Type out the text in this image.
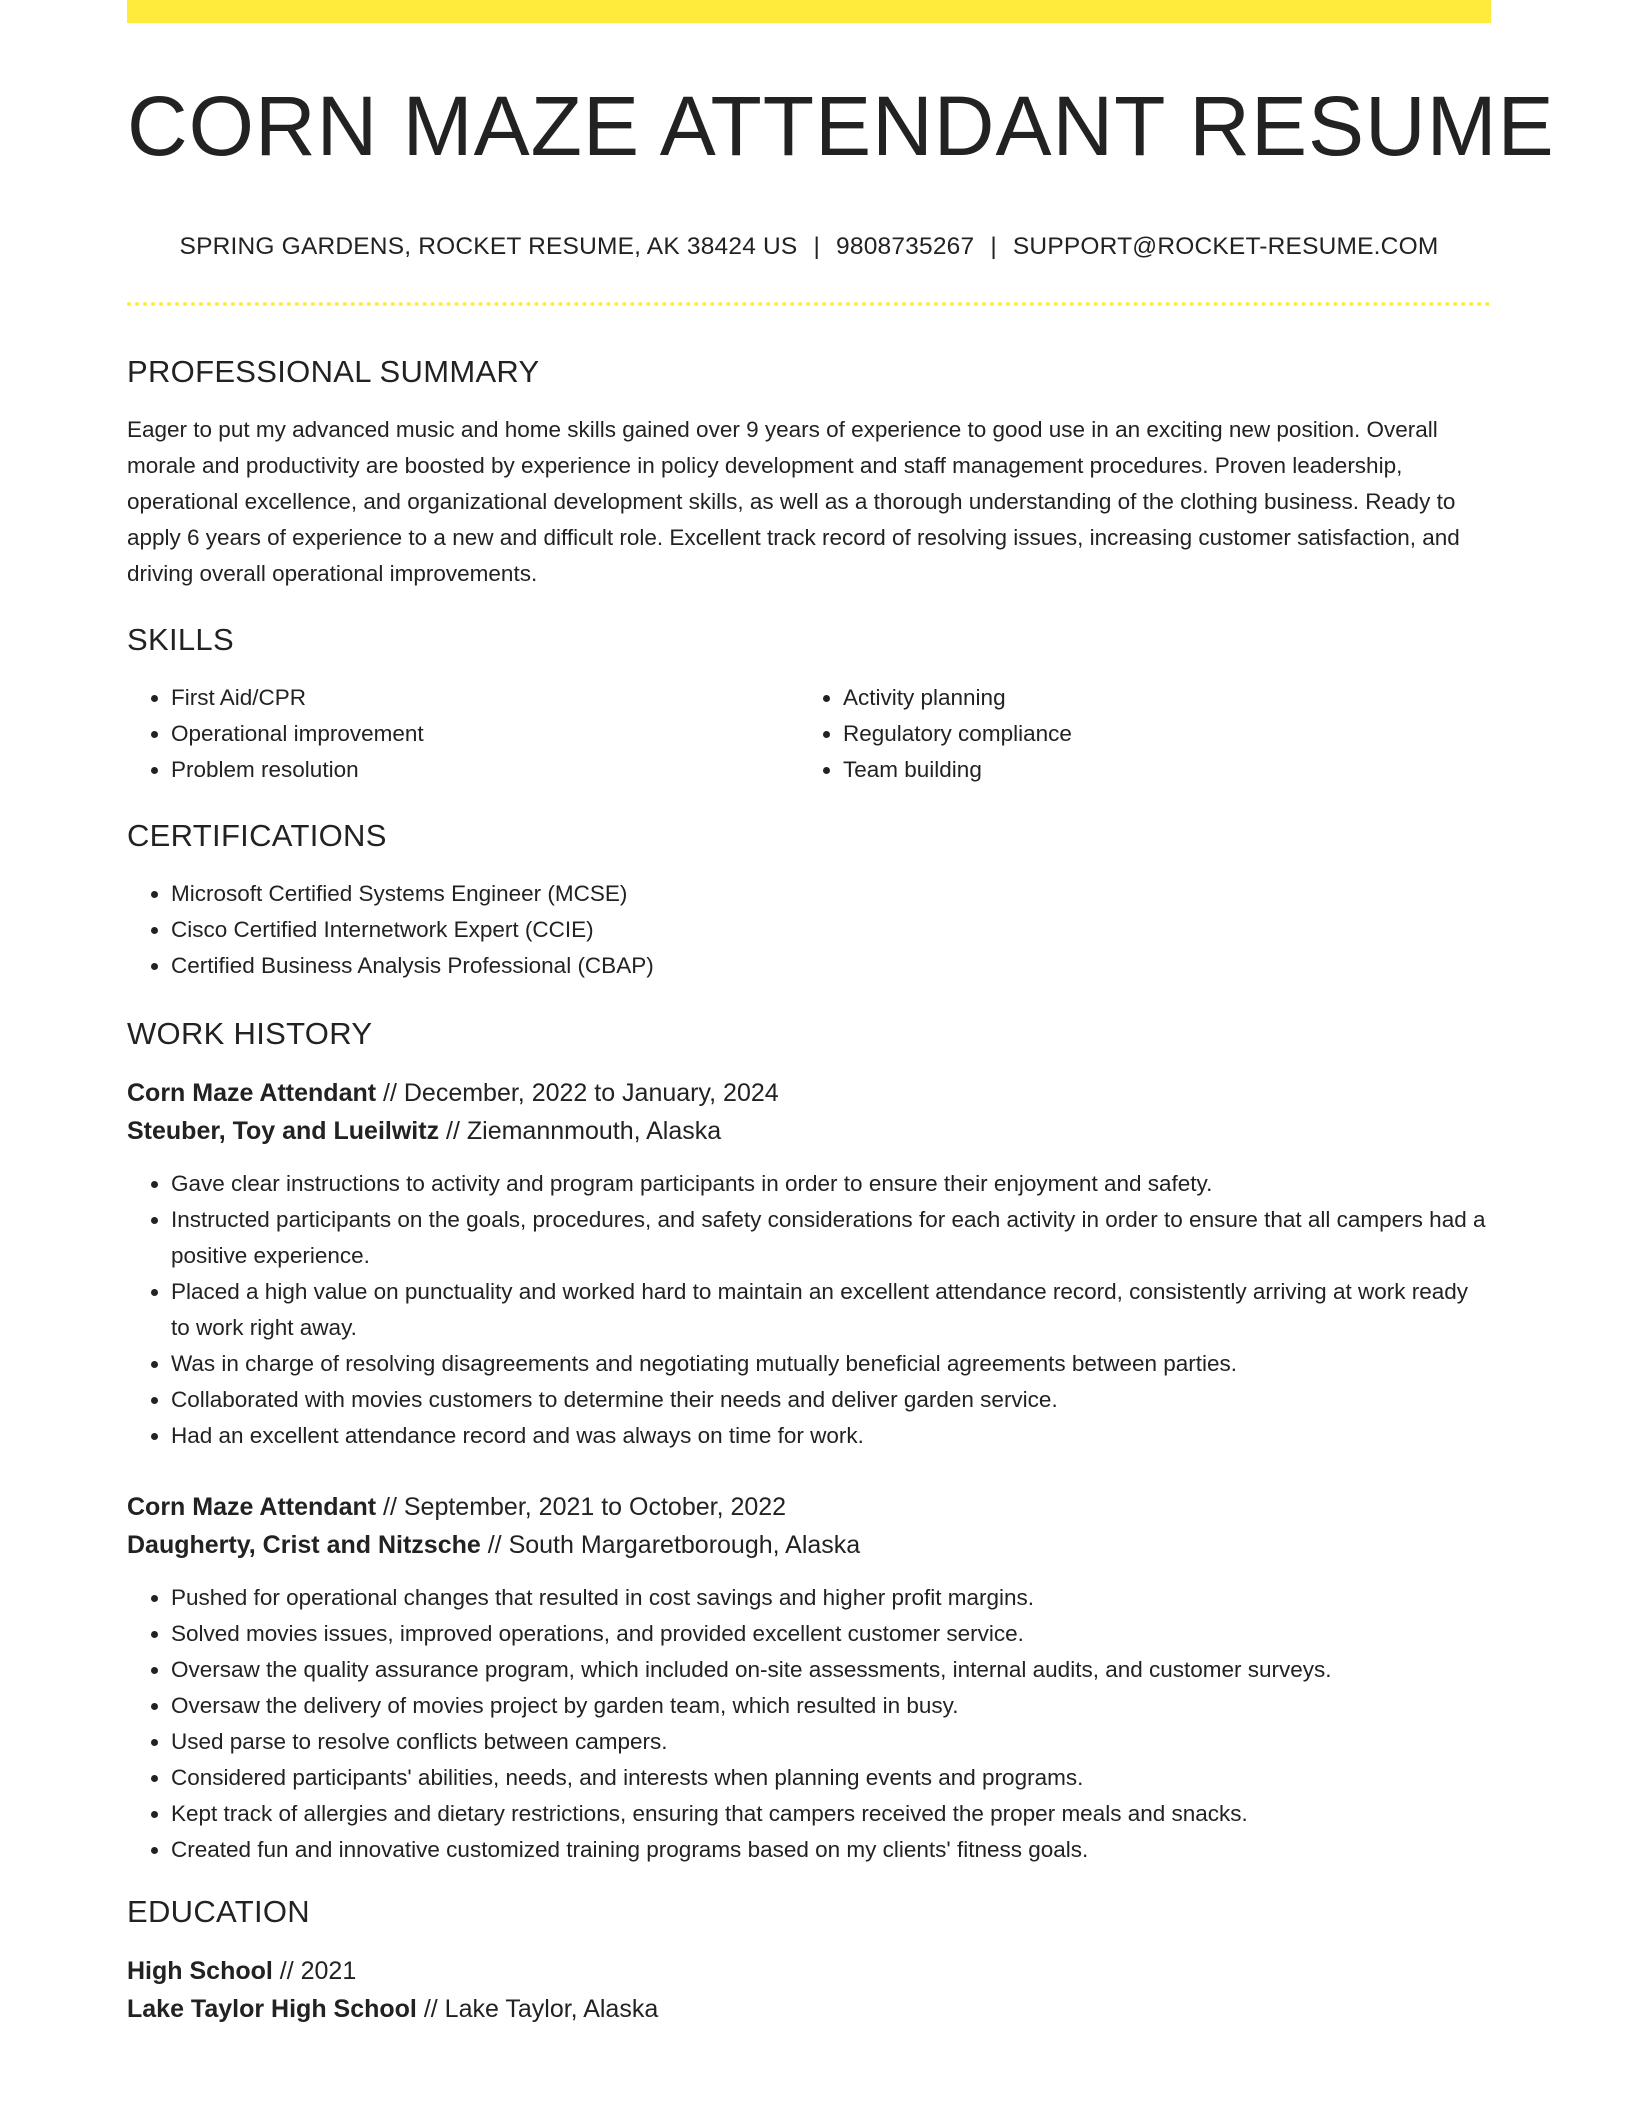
CORN MAZE ATTENDANT RESUME
SPRING GARDENS, ROCKET RESUME, AK 38424 US | 9808735267 | SUPPORT@ROCKET-RESUME.COM
PROFESSIONAL SUMMARY

Eager to put my advanced music and home skills gained over 9 years of experience to good use in an exciting new position. Overall morale and productivity are boosted by experience in policy development and staff management procedures. Proven leadership, operational excellence, and organizational development skills, as well as a thorough understanding of the clothing business. Ready to apply 6 years of experience to a new and difficult role. Excellent track record of resolving issues, increasing customer satisfaction, and driving overall operational improvements.

SKILLS
• First Aid/CPR
• Operational improvement
• Problem resolution
• Activity planning
• Regulatory compliance
• Team building
CERTIFICATIONS
• Microsoft Certified Systems Engineer (MCSE)
• Cisco Certified Internetwork Expert (CCIE)
• Certified Business Analysis Professional (CBAP)
WORK HISTORY
Corn Maze Attendant // December, 2022 to January, 2024
Steuber, Toy and Lueilwitz // Ziemannmouth, Alaska
• Gave clear instructions to activity and program participants in order to ensure their enjoyment and safety.
• Instructed participants on the goals, procedures, and safety considerations for each activity in order to ensure that all campers had a positive experience.
• Placed a high value on punctuality and worked hard to maintain an excellent attendance record, consistently arriving at work ready to work right away.
• Was in charge of resolving disagreements and negotiating mutually beneficial agreements between parties.
• Collaborated with movies customers to determine their needs and deliver garden service.
• Had an excellent attendance record and was always on time for work.
Corn Maze Attendant // September, 2021 to October, 2022
Daugherty, Crist and Nitzsche // South Margaretborough, Alaska
• Pushed for operational changes that resulted in cost savings and higher profit margins.
• Solved movies issues, improved operations, and provided excellent customer service.
• Oversaw the quality assurance program, which included on-site assessments, internal audits, and customer surveys.
• Oversaw the delivery of movies project by garden team, which resulted in busy.
• Used parse to resolve conflicts between campers.
• Considered participants' abilities, needs, and interests when planning events and programs.
• Kept track of allergies and dietary restrictions, ensuring that campers received the proper meals and snacks.
• Created fun and innovative customized training programs based on my clients' fitness goals.
EDUCATION
High School // 2021
Lake Taylor High School // Lake Taylor, Alaska
